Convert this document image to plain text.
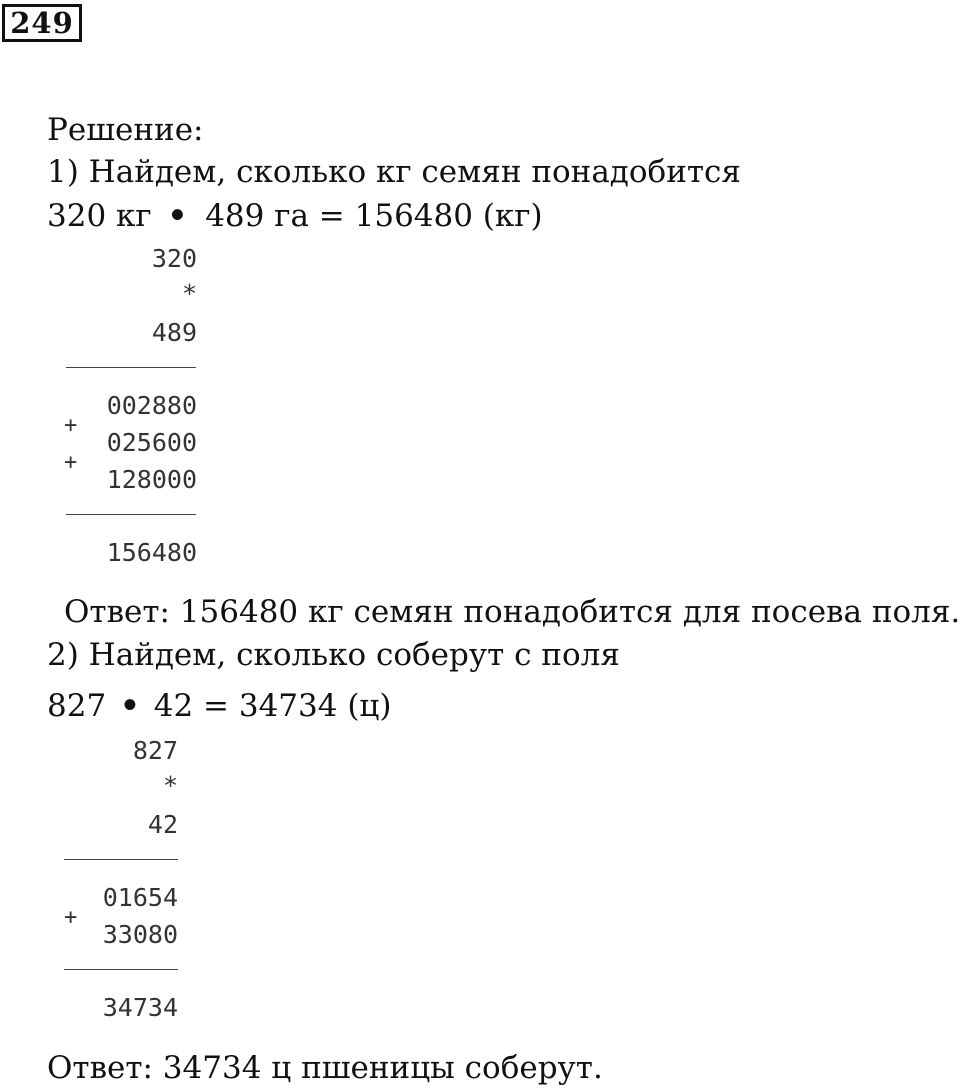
249
Решение:
1) Найдем, сколько кг семян понадобится
320 кг • 489 га = 156480 (кг)
320
*
489
002880
+
025600
+
128000
156480
Ответ: 156480 кг семян понадобится для посева поля.
2) Найдем, сколько соберут с поля
827 • 42 = 34734 (ц)
827
*
42
01654
+
33080
34734
Ответ: 34734 ц пшеницы соберут.
